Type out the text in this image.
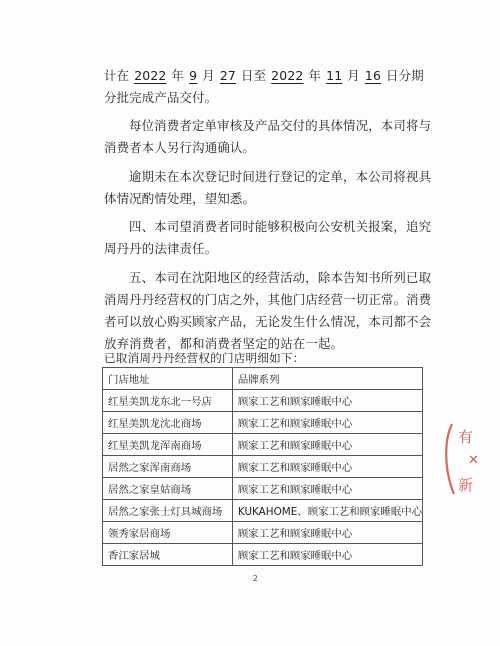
计在 2022 年 9 月 27 日至 2022 年 11 月 16 日分期
分批完成产品交付。
每位消费者定单审核及产品交付的具体情况，本司将与
消费者本人另行沟通确认。
逾期未在本次登记时间进行登记的定单，本公司将视具
体情况酌情处理，望知悉。
四、本司望消费者同时能够积极向公安机关报案，追究
周丹丹的法律责任。
五、本司在沈阳地区的经营活动，除本告知书所列已取
消周丹丹经营权的门店之外，其他门店经营一切正常。消费
者可以放心购买顾家产品，无论发生什么情况，本司都不会
放弃消费者，都和消费者坚定的站在一起。
已取消周丹丹经营权的门店明细如下：
门店地址	品牌系列
红星美凯龙东北一号店	顾家工艺和顾家睡眠中心
红星美凯龙沈北商场	顾家工艺和顾家睡眠中心
红星美凯龙浑南商场	顾家工艺和顾家睡眠中心
居然之家浑南商场	顾家工艺和顾家睡眠中心
居然之家皇姑商场	顾家工艺和顾家睡眠中心
居然之家张士灯具城商场	KUKAHOME、顾家工艺和顾家睡眠中心
领秀家居商场	顾家工艺和顾家睡眠中心
香江家居城	顾家工艺和顾家睡眠中心
有
✕
新
2
